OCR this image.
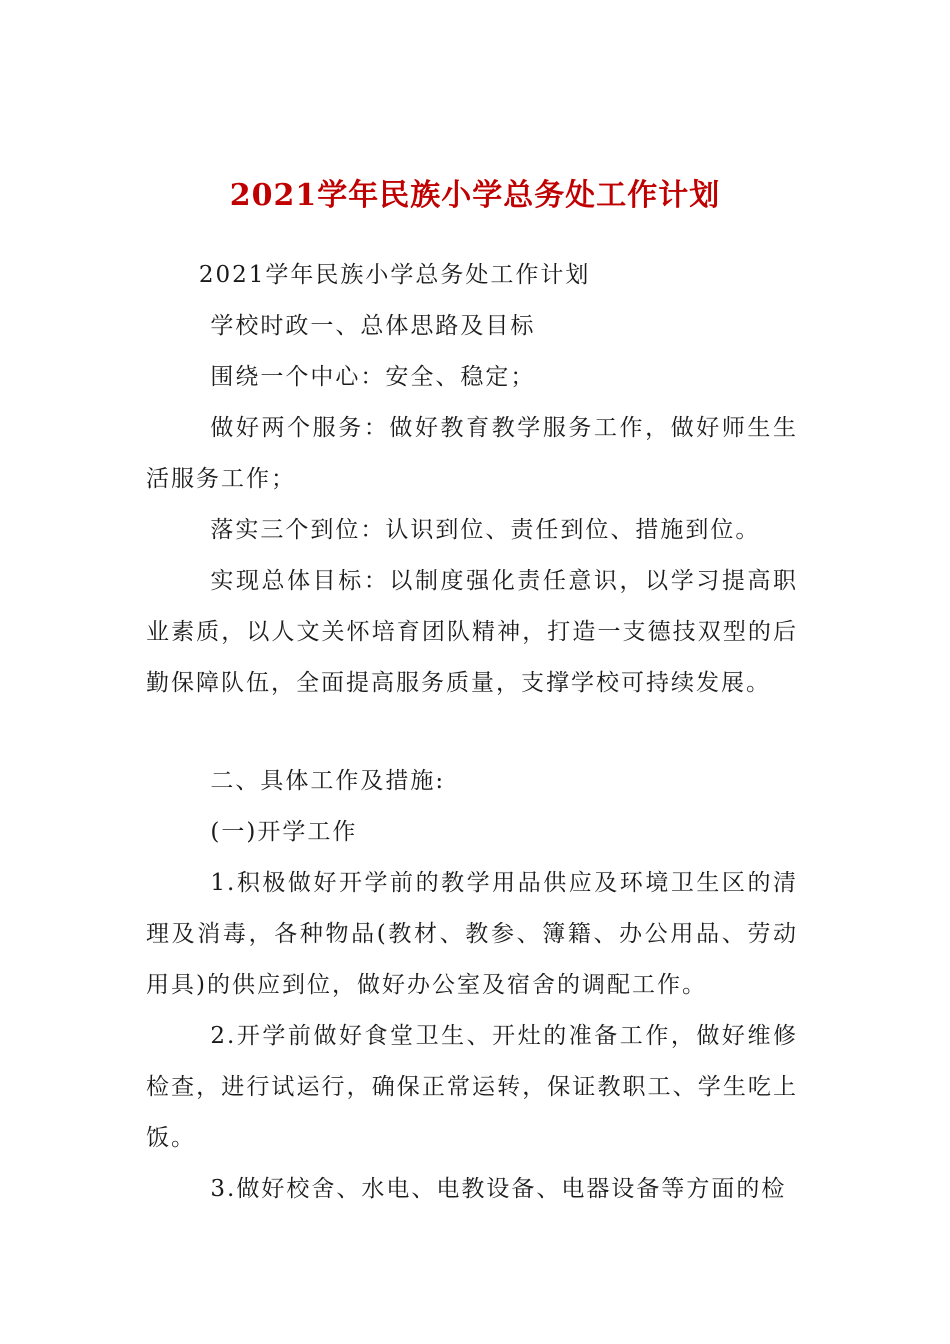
2021学年民族小学总务处工作计划

2021学年民族小学总务处工作计划

学校时政一、总体思路及目标

围绕一个中心：安全、稳定；

做好两个服务：做好教育教学服务工作，做好师生生活服务工作；

落实三个到位：认识到位、责任到位、措施到位。

实现总体目标：以制度强化责任意识，以学习提高职业素质，以人文关怀培育团队精神，打造一支德技双型的后勤保障队伍，全面提高服务质量，支撑学校可持续发展。

二、具体工作及措施:

(一)开学工作

1.积极做好开学前的教学用品供应及环境卫生区的清理及消毒，各种物品(教材、教参、簿籍、办公用品、劳动用具)的供应到位，做好办公室及宿舍的调配工作。

2.开学前做好食堂卫生、开灶的准备工作，做好维修检查，进行试运行，确保正常运转，保证教职工、学生吃上饭。

3.做好校舍、水电、电教设备、电器设备等方面的检
